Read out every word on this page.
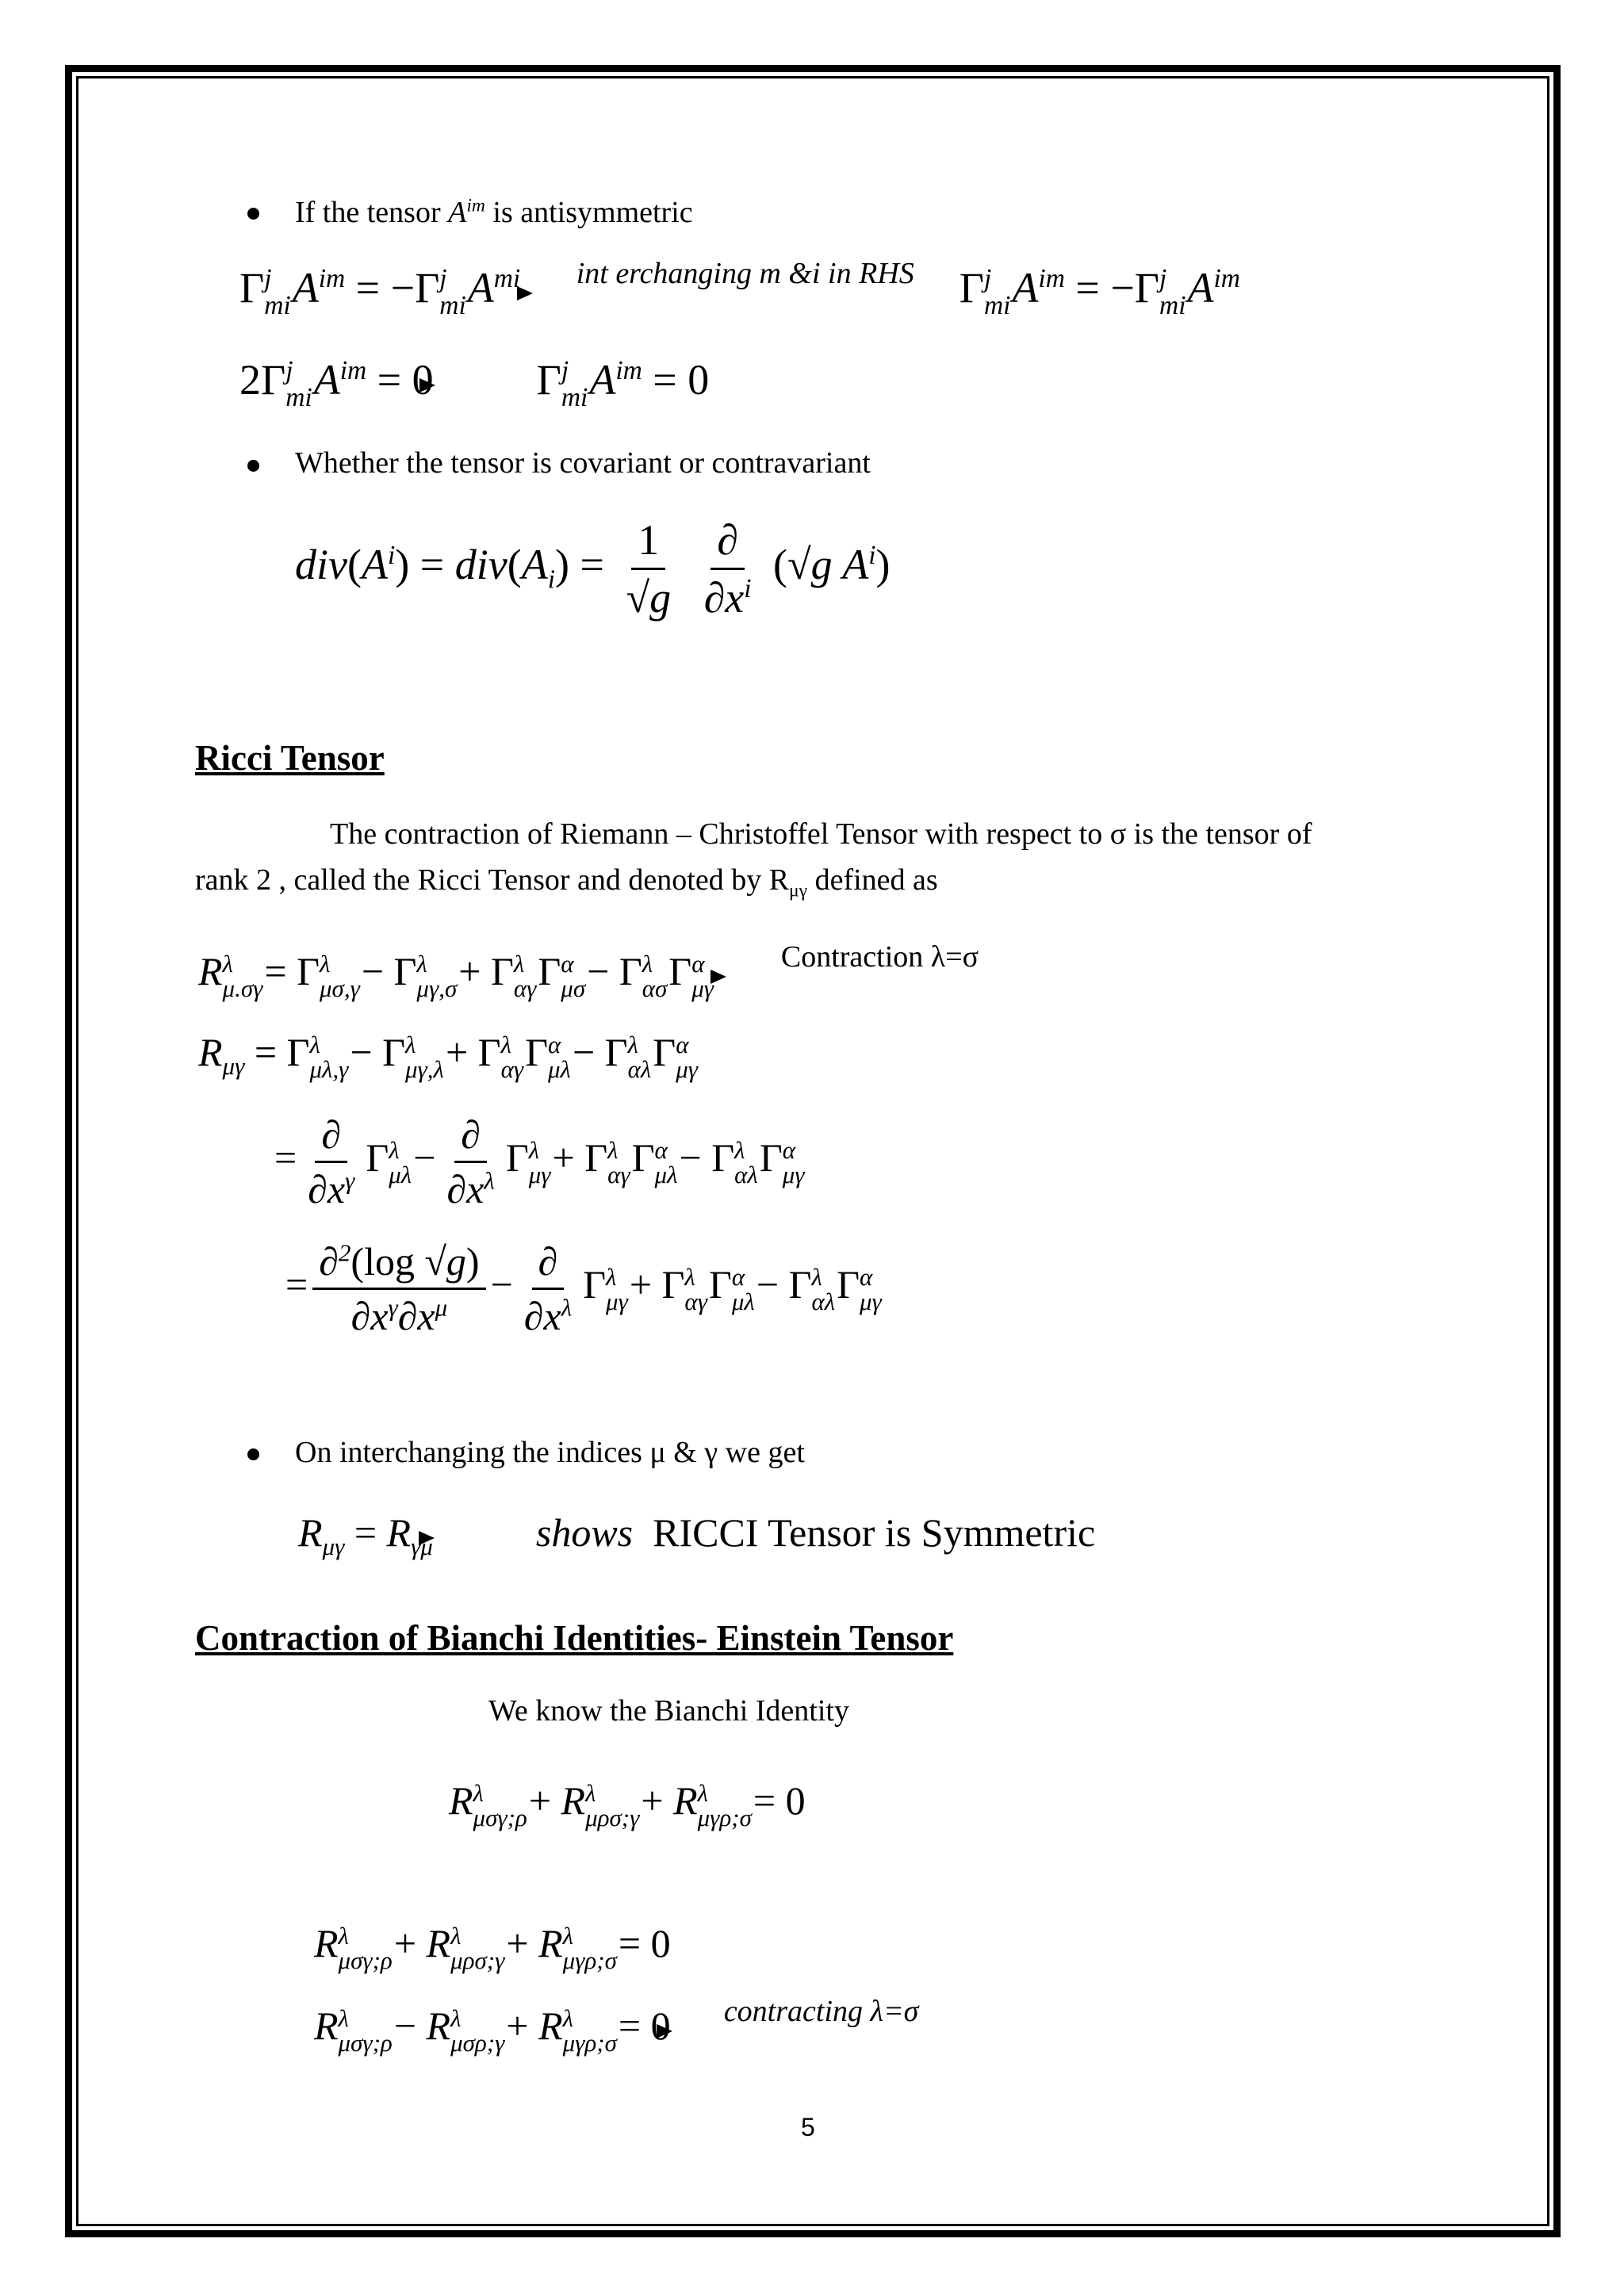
If the tensor $A^{im}$ is antisymmetric
Γ j
mi $A^{im} = -\Gamma$ j
mi $A^{mi}$	int erchanging m &i in RHS	Γ j
mi $A^{im} = -\Gamma$ j
mi $A^{im}$
2Γ j
mi $A^{im} = 0$ Γ j
mi $A^{im} = 0$
Whether the tensor is covariant or contravariant
$div(A^i) = div(A_i) = \frac{1}{√g}$
$\frac{\partial}{\partial x^i} (√g$ $A^i$)
Ricci Tensor
The contraction of Riemann – Christoffel Tensor with respect to σ is the tensor of
rank 2 , called the Ricci Tensor and denoted by $R_{\mu\gamma}$ defined as
R λ
μ.σγ = Γ λ
μσ,γ − Γ λ
μγ,σ + Γ λ
αγ Γ α
μσ − Γ λ
ασ Γ α
μγ

Contraction λ=σ
$R_{\mu\gamma} = \Gamma$ λ
μλ,γ − Γ λ
μγ,λ + Γ λ
αγ Γ α
μλ − Γ λ
αλ Γ α
μγ
= $\frac{\partial}{\partial x^\gamma}$ Γ λ
$\mu\lambda - \frac{\partial}{\partial x^\lambda}$ Γ λ
μγ + Γ λ
αγ Γ α
μλ − Γ λ
αλ Γ α
μγ
= $\frac{\partial^2(\log √g)}{\partial x^\gamma\partial x^\mu} - \frac{\partial}{\partial x^\lambda}$ Γ λ
μγ + Γ λ
αγ Γ α
μλ − Γ λ
αλ Γ α
μγ
On interchanging the indices μ & γ we get
$R_{\mu\gamma} = R_{\gamma\mu}$	shows RICCI Tensor is Symmetric
Contraction of Bianchi Identities- Einstein Tensor
We know the Bianchi Identity
R λ
μσγ;ρ + R λ
μρσ;γ + R λ
μγρ;σ = 0
R λ
μσγ;ρ + R λ
μρσ;γ + R λ
μγρ;σ = 0
R λ
μσγ;ρ − R λ
μσρ;γ + R λ
μγρ;σ = 0	contracting λ=σ
5
